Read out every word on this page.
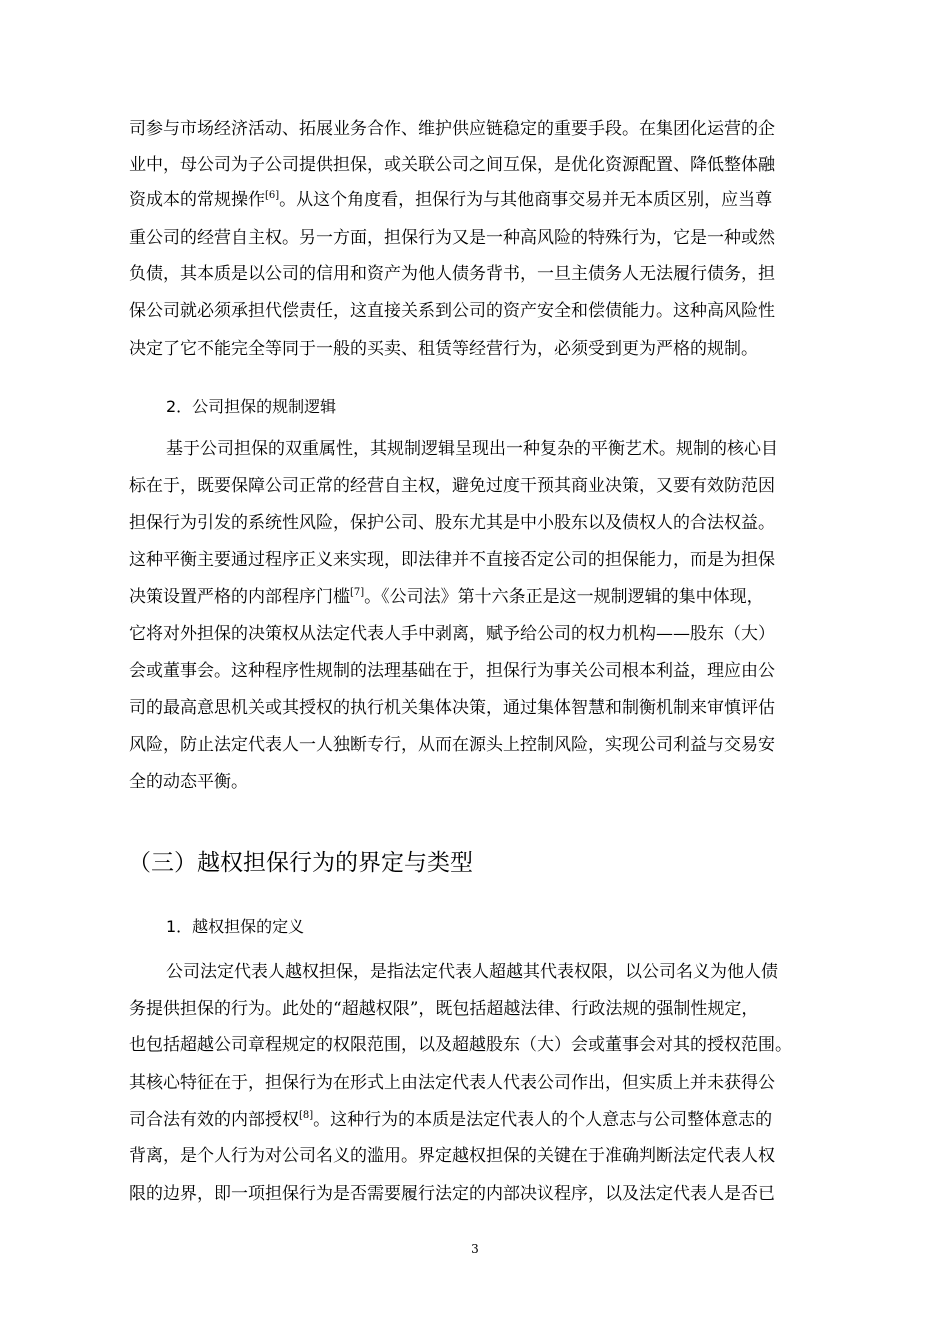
司参与市场经济活动、拓展业务合作、维护供应链稳定的重要手段。在集团化运营的企
业中，母公司为子公司提供担保，或关联公司之间互保，是优化资源配置、降低整体融
资成本的常规操作[6]。从这个角度看，担保行为与其他商事交易并无本质区别，应当尊
重公司的经营自主权。另一方面，担保行为又是一种高风险的特殊行为，它是一种或然
负债，其本质是以公司的信用和资产为他人债务背书，一旦主债务人无法履行债务，担
保公司就必须承担代偿责任，这直接关系到公司的资产安全和偿债能力。这种高风险性
决定了它不能完全等同于一般的买卖、租赁等经营行为，必须受到更为严格的规制。
2．公司担保的规制逻辑
基于公司担保的双重属性，其规制逻辑呈现出一种复杂的平衡艺术。规制的核心目
标在于，既要保障公司正常的经营自主权，避免过度干预其商业决策，又要有效防范因
担保行为引发的系统性风险，保护公司、股东尤其是中小股东以及债权人的合法权益。
这种平衡主要通过程序正义来实现，即法律并不直接否定公司的担保能力，而是为担保
决策设置严格的内部程序门槛[7]。《公司法》第十六条正是这一规制逻辑的集中体现，
它将对外担保的决策权从法定代表人手中剥离，赋予给公司的权力机构——股东（大）
会或董事会。这种程序性规制的法理基础在于，担保行为事关公司根本利益，理应由公
司的最高意思机关或其授权的执行机关集体决策，通过集体智慧和制衡机制来审慎评估
风险，防止法定代表人一人独断专行，从而在源头上控制风险，实现公司利益与交易安
全的动态平衡。
（三）越权担保行为的界定与类型
1．越权担保的定义
公司法定代表人越权担保，是指法定代表人超越其代表权限，以公司名义为他人债
务提供担保的行为。此处的“超越权限”，既包括超越法律、行政法规的强制性规定，
也包括超越公司章程规定的权限范围，以及超越股东（大）会或董事会对其的授权范围。
其核心特征在于，担保行为在形式上由法定代表人代表公司作出，但实质上并未获得公
司合法有效的内部授权[8]。这种行为的本质是法定代表人的个人意志与公司整体意志的
背离，是个人行为对公司名义的滥用。界定越权担保的关键在于准确判断法定代表人权
限的边界，即一项担保行为是否需要履行法定的内部决议程序，以及法定代表人是否已
3
